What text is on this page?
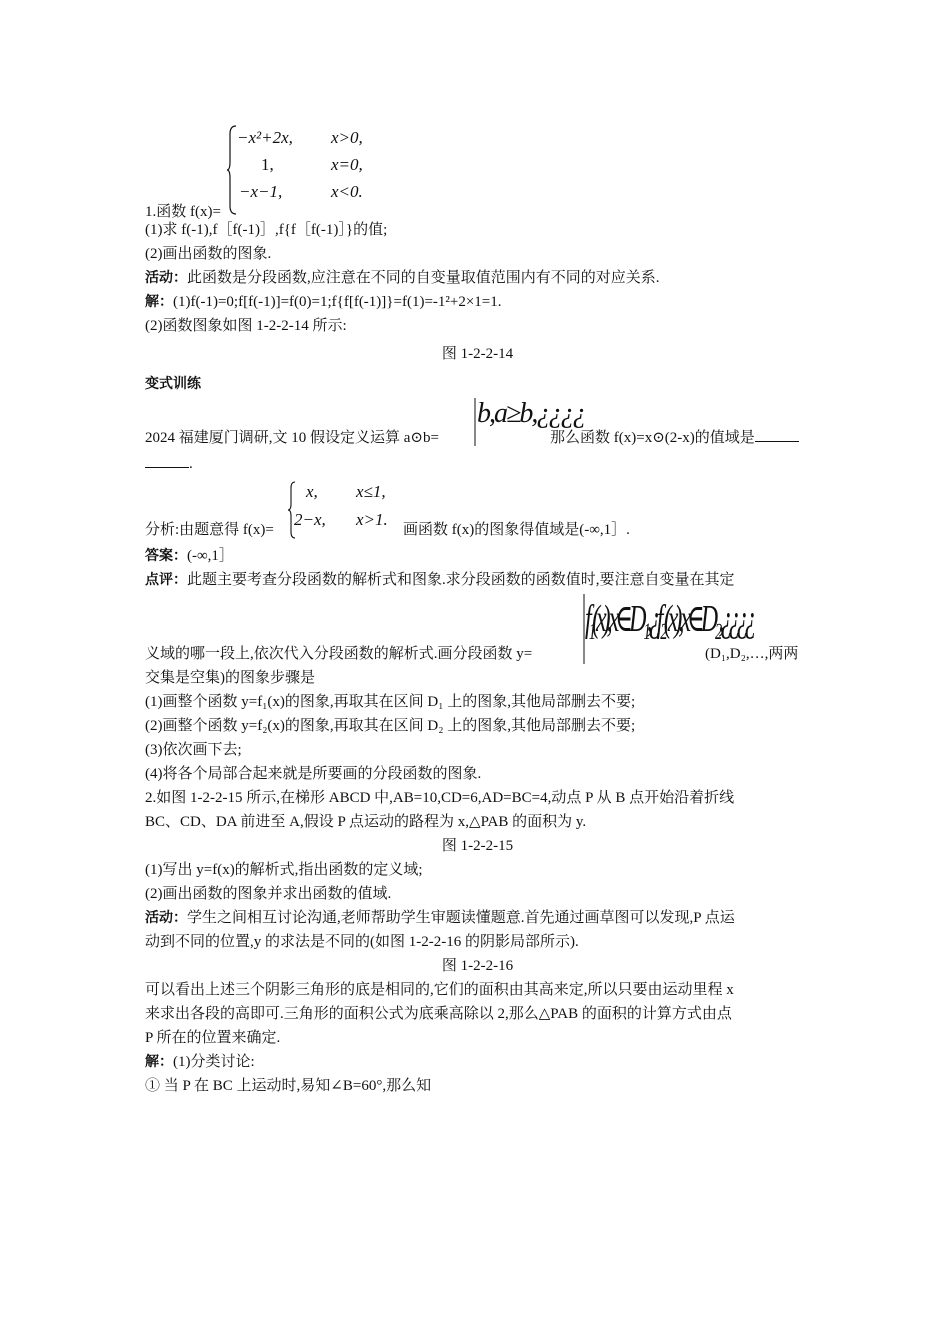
1.函数 f(x)=
−x²+2x, x>0,
1,	x=0,
−x−1,	x<0.
(1)求 f(-1),f［f(-1)］,f{f［f(-1)］}的值;
(2)画出函数的图象.
活动：此函数是分段函数,应注意在不同的自变量取值范围内有不同的对应关系.
解：(1)f(-1)=0;f[f(-1)]=f(0)=1;f{f[f(-1)]}=f(1)=-1²+2×1=1.
(2)函数图象如图 1-2-2-14 所示:
图 1-2-2-14
变式训练
2024 福建厦门调研,文 10 假设定义运算 a⊙b=
b,a≥b,¿¿¿¿
那么函数 f(x)=x⊙(2-x)的值域是
.
分析:由题意得 f(x)=
x, x≤1,
2−x, x>1.
画函数 f(x)的图象得值域是(-∞,1］.
答案：(-∞,1］
点评：此题主要考查分段函数的解析式和图象.求分段函数的函数值时,要注意自变量在其定
义域的哪一段上,依次代入分段函数的解析式.画分段函数 y=
f₁(x),x∈D₁,¿f₂(x),x∈D₂,¿¿¿¿
(D₁,D₂,…,两两
交集是空集)的图象步骤是
(1)画整个函数 y=f₁(x)的图象,再取其在区间 D₁ 上的图象,其他局部删去不要;
(2)画整个函数 y=f₂(x)的图象,再取其在区间 D₂ 上的图象,其他局部删去不要;
(3)依次画下去;
(4)将各个局部合起来就是所要画的分段函数的图象.
2.如图 1-2-2-15 所示,在梯形 ABCD 中,AB=10,CD=6,AD=BC=4,动点 P 从 B 点开始沿着折线
BC、CD、DA 前进至 A,假设 P 点运动的路程为 x,△PAB 的面积为 y.
图 1-2-2-15
(1)写出 y=f(x)的解析式,指出函数的定义域;
(2)画出函数的图象并求出函数的值域.
活动：学生之间相互讨论沟通,老师帮助学生审题读懂题意.首先通过画草图可以发现,P 点运
动到不同的位置,y 的求法是不同的(如图 1-2-2-16 的阴影局部所示).
图 1-2-2-16
可以看出上述三个阴影三角形的底是相同的,它们的面积由其高来定,所以只要由运动里程 x
来求出各段的高即可.三角形的面积公式为底乘高除以 2,那么△PAB 的面积的计算方式由点
P 所在的位置来确定.
解：(1)分类讨论:
① 当 P 在 BC 上运动时,易知∠B=60°,那么知
